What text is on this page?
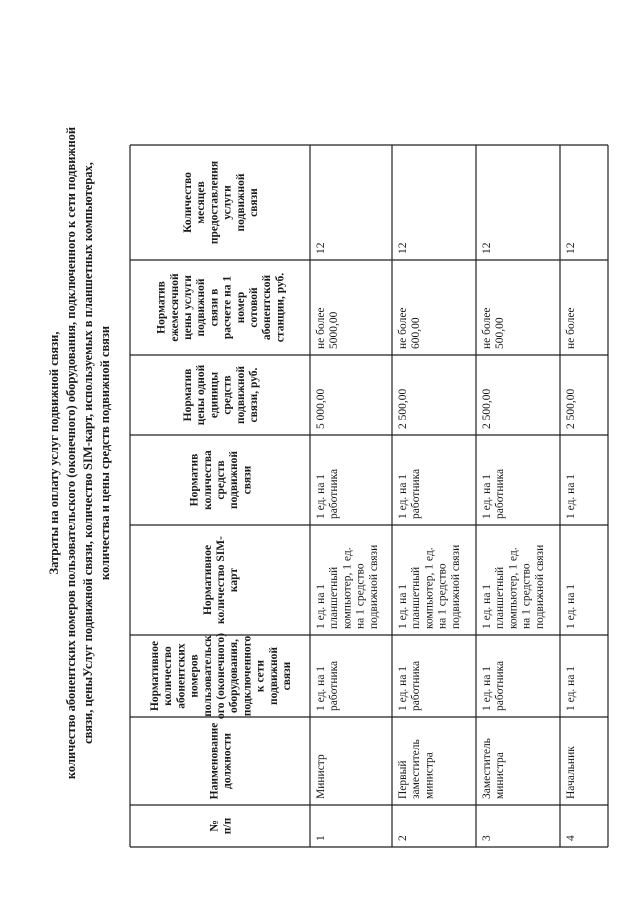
Затраты на оплату услуг подвижной связи, количество абонентских номеров пользовательского (оконечного) оборудования, подключенного к сети подвижной связи, ценыУслуг подвижной связи, количество SIM-карт, используемых в планшетных компьютерах, количества и цены средств подвижной связи
№ п/п
Наименование должности
Нормативное количество абонентских номеров пользовательск ого (оконечного) оборудования, подключенного к сети подвижной связи
Нормативное количество SIM- карт
Норматив количества средств подвижной связи
Норматив цены одной единицы средств подвижной связи, руб.
Норматив ежемесячной цены услуги подвижной связи в расчете на 1 номер сотовой абонентской станции, руб.
Количество месяцев предоставления услуги подвижной связи
1
Министр
1 ед. на 1 работника
1 ед. на 1 планшетный компьютер, 1 ед. на 1 средство подвижной связи
1 ед. на 1 работника
5 000,00
не более 5000,00
12
2
Первый заместитель министра
1 ед. на 1 работника
1 ед. на 1 планшетный компьютер, 1 ед. на 1 средство подвижной связи
1 ед. на 1 работника
2 500,00
не более 600,00
12
3
Заместитель министра
1 ед. на 1 работника
1 ед. на 1 планшетный компьютер, 1 ед. на 1 средство подвижной связи
1 ед. на 1 работника
2 500,00
не более 500,00
12
4
Начальник
1 ед. на 1
1 ед. на 1
1 ед. на 1
2 500,00
не более
12
